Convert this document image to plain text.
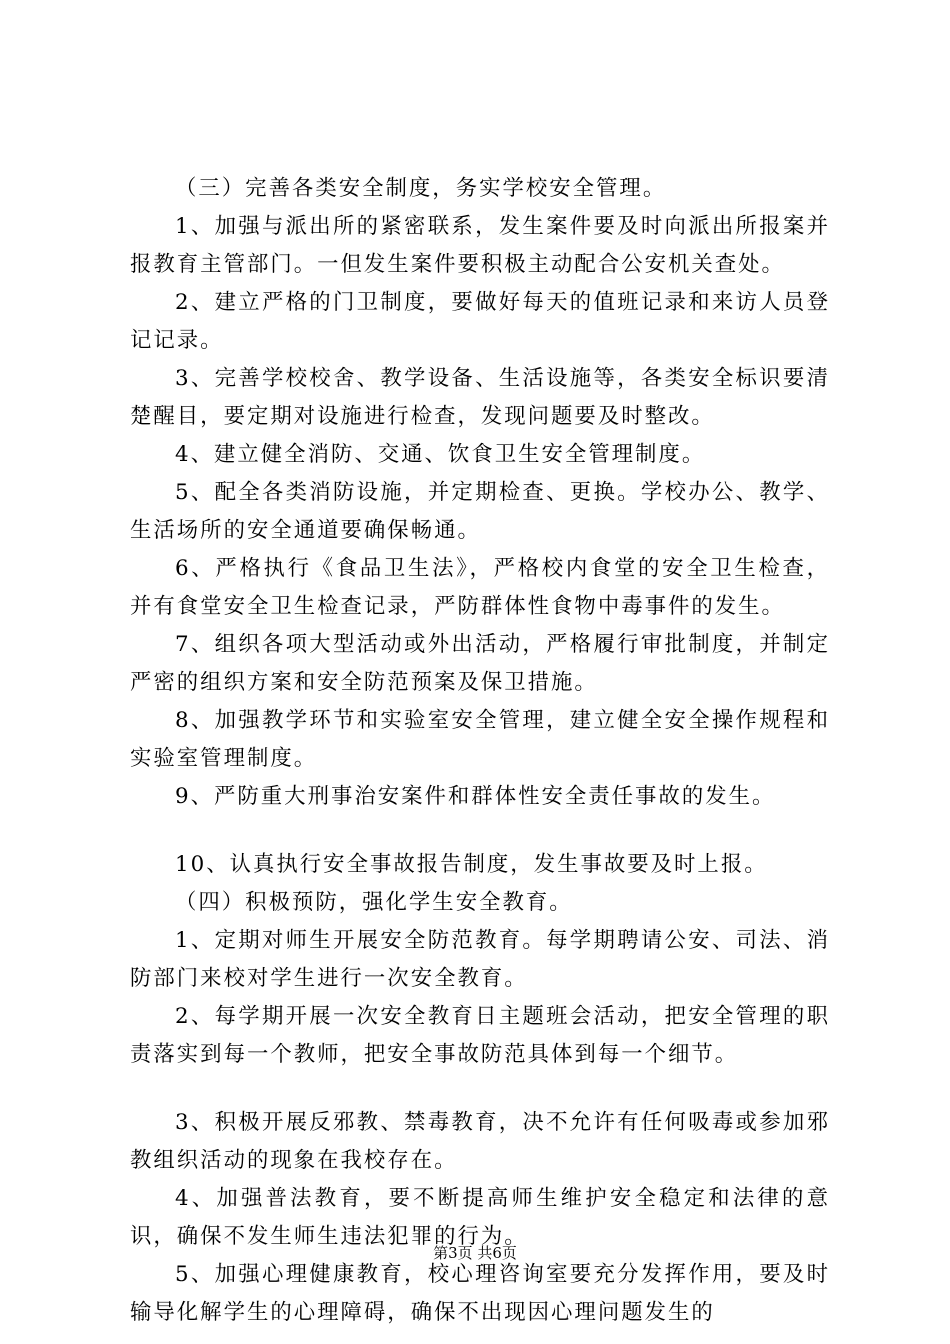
（三）完善各类安全制度，务实学校安全管理。

1、加强与派出所的紧密联系，发生案件要及时向派出所报案并报教育主管部门。一但发生案件要积极主动配合公安机关查处。

2、建立严格的门卫制度，要做好每天的值班记录和来访人员登记记录。

3、完善学校校舍、教学设备、生活设施等，各类安全标识要清楚醒目，要定期对设施进行检查，发现问题要及时整改。

4、建立健全消防、交通、饮食卫生安全管理制度。

5、配全各类消防设施，并定期检查、更换。学校办公、教学、生活场所的安全通道要确保畅通。

6、严格执行《食品卫生法》，严格校内食堂的安全卫生检查，并有食堂安全卫生检查记录，严防群体性食物中毒事件的发生。

7、组织各项大型活动或外出活动，严格履行审批制度，并制定严密的组织方案和安全防范预案及保卫措施。

8、加强教学环节和实验室安全管理，建立健全安全操作规程和实验室管理制度。

9、严防重大刑事治安案件和群体性安全责任事故的发生。

10、认真执行安全事故报告制度，发生事故要及时上报。

（四）积极预防，强化学生安全教育。

1、定期对师生开展安全防范教育。每学期聘请公安、司法、消防部门来校对学生进行一次安全教育。

2、每学期开展一次安全教育日主题班会活动，把安全管理的职责落实到每一个教师，把安全事故防范具体到每一个细节。

3、积极开展反邪教、禁毒教育，决不允许有任何吸毒或参加邪教组织活动的现象在我校存在。

4、加强普法教育，要不断提高师生维护安全稳定和法律的意识，确保不发生师生违法犯罪的行为。

5、加强心理健康教育，校心理咨询室要充分发挥作用，要及时输导化解学生的心理障碍，确保不出现因心理问题发生的

第3页 共6页
